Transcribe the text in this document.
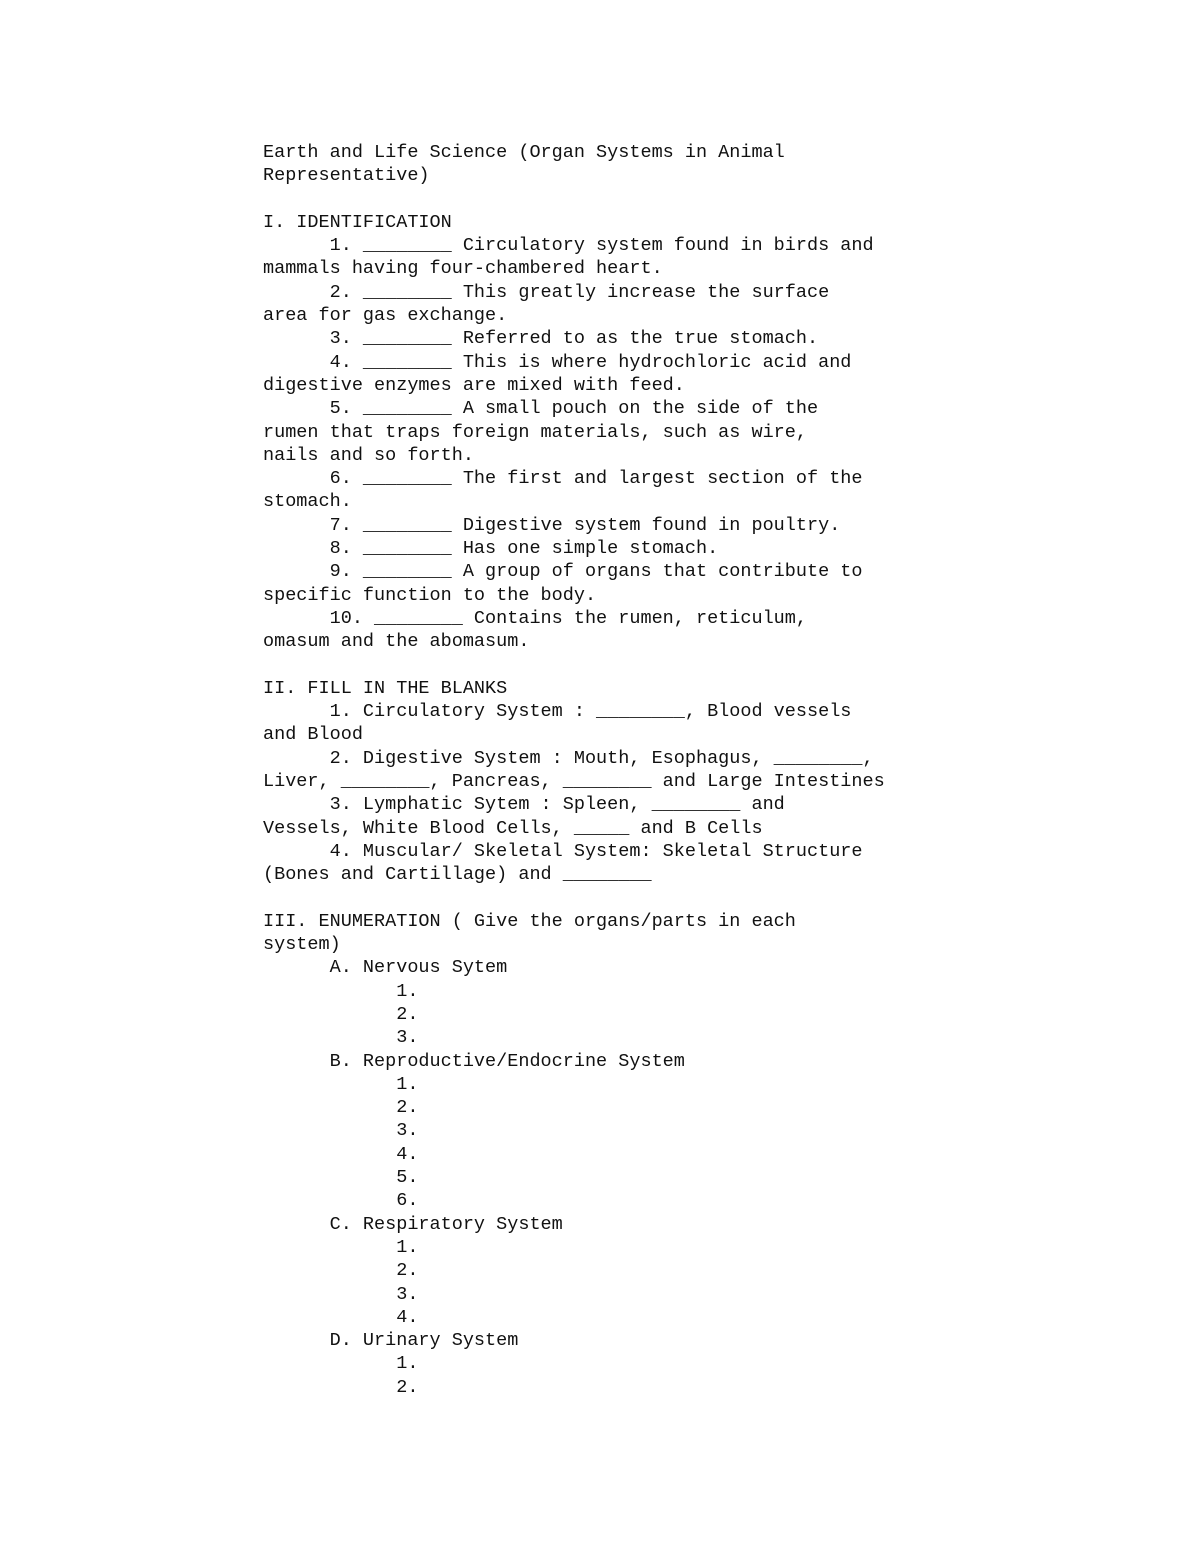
Earth and Life Science (Organ Systems in Animal
Representative)
I. IDENTIFICATION
1. ________ Circulatory system found in birds and
mammals having four-chambered heart.
2. ________ This greatly increase the surface
area for gas exchange.
3. ________ Referred to as the true stomach.
4. ________ This is where hydrochloric acid and
digestive enzymes are mixed with feed.
5. ________ A small pouch on the side of the
rumen that traps foreign materials, such as wire,
nails and so forth.
6. ________ The first and largest section of the
stomach.
7. ________ Digestive system found in poultry.
8. ________ Has one simple stomach.
9. ________ A group of organs that contribute to
specific function to the body.
10. ________ Contains the rumen, reticulum,
omasum and the abomasum.
II. FILL IN THE BLANKS
1. Circulatory System : ________, Blood vessels
and Blood
2. Digestive System : Mouth, Esophagus, ________,
Liver, ________, Pancreas, ________ and Large Intestines
3. Lymphatic Sytem : Spleen, ________ and
Vessels, White Blood Cells, _____ and B Cells
4. Muscular/ Skeletal System: Skeletal Structure
(Bones and Cartillage) and ________
III. ENUMERATION ( Give the organs/parts in each
system)
A. Nervous Sytem
1.
2.
3.
B. Reproductive/Endocrine System
1.
2.
3.
4.
5.
6.
C. Respiratory System
1.
2.
3.
4.
D. Urinary System
1.
2.
